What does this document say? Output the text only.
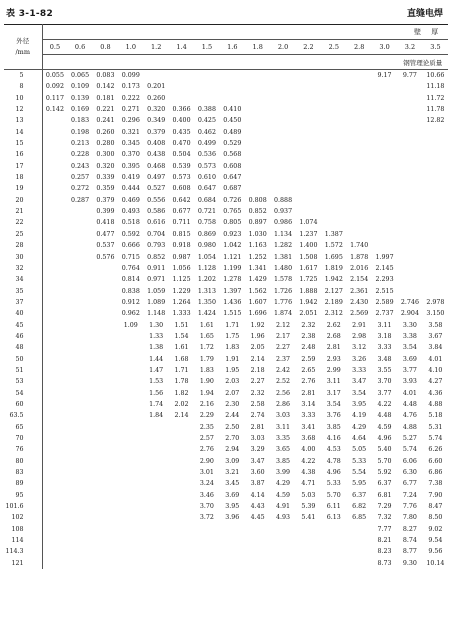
表 3-1-82	直缝电焊
外径
/mm	壁 厚															
	0.5	0.6	0.8	1.0	1.2	1.4	1.5	1.6	1.8	2.0	2.2	2.5	2.8	3.0	3.2	3.5
	钢管理论质量															
5	0.055	0.065	0.083	0.099										9.17	9.77	10.66
8	0.092	0.109	0.142	0.173	0.201											11.18
10	0.117	0.139	0.181	0.222	0.260											11.72
12	0.142	0.169	0.221	0.271	0.320	0.366	0.388	0.410								11.78
13		0.183	0.241	0.296	0.349	0.400	0.425	0.450								12.82
14		0.198	0.260	0.321	0.379	0.435	0.462	0.489								
15		0.213	0.280	0.345	0.408	0.470	0.499	0.529								
16		0.228	0.300	0.370	0.438	0.504	0.536	0.568								
17		0.243	0.320	0.395	0.468	0.539	0.573	0.608								
18		0.257	0.339	0.419	0.497	0.573	0.610	0.647								
19		0.272	0.359	0.444	0.527	0.608	0.647	0.687								
20		0.287	0.379	0.469	0.556	0.642	0.684	0.726	0.808	0.888						
21			0.399	0.493	0.586	0.677	0.721	0.765	0.852	0.937						
22			0.418	0.518	0.616	0.711	0.758	0.805	0.897	0.986	1.074					
25			0.477	0.592	0.704	0.815	0.869	0.923	1.030	1.134	1.237	1.387				
28			0.537	0.666	0.793	0.918	0.980	1.042	1.163	1.282	1.400	1.572	1.740			
30			0.576	0.715	0.852	0.987	1.054	1.121	1.252	1.381	1.508	1.695	1.878	1.997		
32				0.764	0.911	1.056	1.128	1.199	1.341	1.480	1.617	1.819	2.016	2.145		
34				0.814	0.971	1.125	1.202	1.278	1.429	1.578	1.725	1.942	2.154	2.293		
35				0.838	1.059	1.229	1.313	1.397	1.562	1.726	1.888	2.127	2.361	2.515		
37				0.912	1.089	1.264	1.350	1.436	1.607	1.776	1.942	2.189	2.430	2.589	2.746	2.978
40				0.962	1.148	1.333	1.424	1.515	1.696	1.874	2.051	2.312	2.569	2.737	2.904	3.150
45				1.09	1.30	1.51	1.61	1.71	1.92	2.12	2.32	2.62	2.91	3.11	3.30	3.58
46					1.33	1.54	1.65	1.75	1.96	2.17	2.38	2.68	2.98	3.18	3.38	3.67
48					1.38	1.61	1.72	1.83	2.05	2.27	2.48	2.81	3.12	3.33	3.54	3.84
50					1.44	1.68	1.79	1.91	2.14	2.37	2.59	2.93	3.26	3.48	3.69	4.01
51					1.47	1.71	1.83	1.95	2.18	2.42	2.65	2.99	3.33	3.55	3.77	4.10
53					1.53	1.78	1.90	2.03	2.27	2.52	2.76	3.11	3.47	3.70	3.93	4.27
54					1.56	1.82	1.94	2.07	2.32	2.56	2.81	3.17	3.54	3.77	4.01	4.36
60					1.74	2.02	2.16	2.30	2.58	2.86	3.14	3.54	3.95	4.22	4.48	4.88
63.5					1.84	2.14	2.29	2.44	2.74	3.03	3.33	3.76	4.19	4.48	4.76	5.18
65							2.35	2.50	2.81	3.11	3.41	3.85	4.29	4.59	4.88	5.31
70							2.57	2.70	3.03	3.35	3.68	4.16	4.64	4.96	5.27	5.74
76							2.76	2.94	3.29	3.65	4.00	4.53	5.05	5.40	5.74	6.26
80							2.90	3.09	3.47	3.85	4.22	4.78	5.33	5.70	6.06	6.60
83							3.01	3.21	3.60	3.99	4.38	4.96	5.54	5.92	6.30	6.86
89							3.24	3.45	3.87	4.29	4.71	5.33	5.95	6.37	6.77	7.38
95							3.46	3.69	4.14	4.59	5.03	5.70	6.37	6.81	7.24	7.90
101.6							3.70	3.95	4.43	4.91	5.39	6.11	6.82	7.29	7.76	8.47
102							3.72	3.96	4.45	4.93	5.41	6.13	6.85	7.32	7.80	8.50
108														7.77	8.27	9.02
114														8.21	8.74	9.54
114.3														8.23	8.77	9.56
121														8.73	9.30	10.14
